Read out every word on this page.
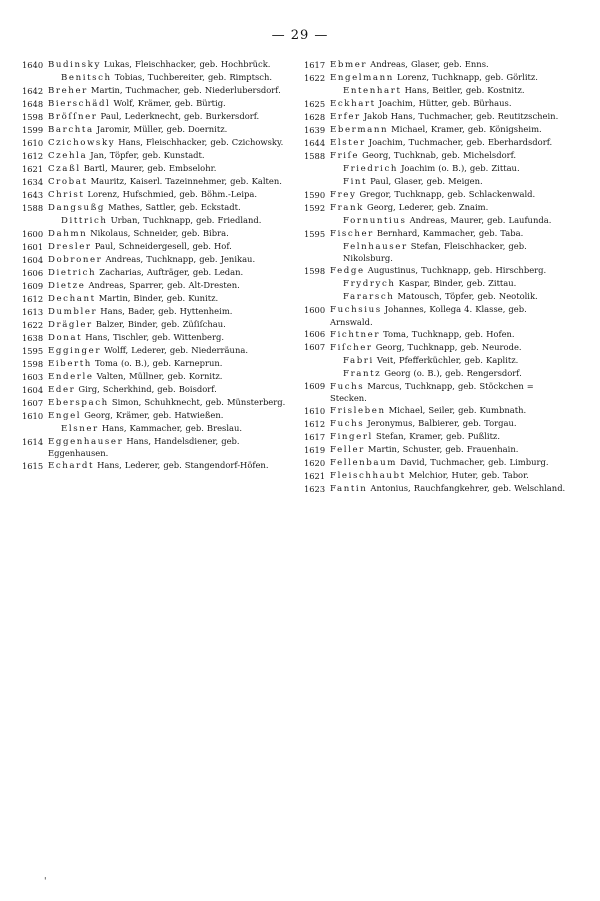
— 29 —
1640 Budinsky Lukas, Fleischhacker, geb. Hochbrück.
Benitsch Tobias, Tuchbereiter, geb. Rimptsch.
1642 Breher Martin, Tuchmacher, geb. Niederlubersdorf.
1648 Bierschädl Wolf, Krämer, geb. Bürtig.
1598 Bröſſner Paul, Lederknecht, geb. Burkersdorf.
1599 Barchta Jaromir, Müller, geb. Doernitz.
1610 Czichowsky Hans, Fleischhacker, geb. Czichowsky.
1612 Czehla Jan, Töpfer, geb. Kunstadt.
1621 Czaßl Bartl, Maurer, geb. Embselohr.
1634 Crobat Mauritz, Kaiserl. Tazeinnehmer, geb. Kalten.
1643 Christ Lorenz, Hufschmied, geb. Böhm.-Leipa.
1588 Dangsußg Mathes, Sattler, geb. Eckstadt.
Dittrich Urban, Tuchknapp, geb. Friedland.
1600 Dahmn Nikolaus, Schneider, geb. Bibra.
1601 Dresler Paul, Schneidergesell, geb. Hof.
1604 Dobroner Andreas, Tuchknapp, geb. Jenikau.
1606 Dietrich Zacharias, Aufträger, geb. Ledan.
1609 Dietze Andreas, Sparrer, geb. Alt-Dresten.
1612 Dechant Martin, Binder, geb. Kunitz.
1613 Dumbler Hans, Bader, geb. Hyttenheim.
1622 Drägler Balzer, Binder, geb. Züſiſchau.
1638 Donat Hans, Tischler, geb. Wittenberg.
1595 Egginger Wolff, Lederer, geb. Niederräuna.
1598 Eiberth Toma (o. B.), geb. Karneprun.
1603 Enderle Valten, Müllner, geb. Kornitz.
1604 Eder Girg, Scherkhind, geb. Boisdorf.
1607 Eberspach Simon, Schuhknecht, geb. Münsterberg.
1610 Engel Georg, Krämer, geb. Hatwießen.
Elsner Hans, Kammacher, geb. Breslau.
1614 Eggenhauser Hans, Handelsdiener, geb. Eggenhausen.
1615 Echardt Hans, Lederer, geb. Stangendorf-Höfen.
1617 Ebmer Andreas, Glaser, geb. Enns.
1622 Engelmann Lorenz, Tuchknapp, geb. Görlitz.
Entenhart Hans, Beitler, geb. Kostnitz.
1625 Eckhart Joachim, Hütter, geb. Bürhaus.
1628 Erfer Jakob Hans, Tuchmacher, geb. Reutitzschein.
1639 Ebermann Michael, Kramer, geb. Königsheim.
1644 Elster Joachim, Tuchmacher, geb. Eberhardsdorf.
1588 Friſe Georg, Tuchknab, geb. Michelsdorf.
Friedrich Joachim (o. B.), geb. Zittau.
Fint Paul, Glaser, geb. Meigen.
1590 Frey Gregor, Tuchknapp, geb. Schlackenwald.
1592 Frank Georg, Lederer, geb. Znaim.
Fornuntius Andreas, Maurer, geb. Laufunda.
1595 Fischer Bernhard, Kammacher, geb. Taba.
Felnhauser Stefan, Fleischhacker, geb. Nikolsburg.
1598 Fedge Augustinus, Tuchknapp, geb. Hirschberg.
Frydrych Kaspar, Binder, geb. Zittau.
Fararsch Matousch, Töpfer, geb. Neotolik.
1600 Fuchsius Johannes, Kollega 4. Klasse, geb. Arnswald.
1606 Fichtner Toma, Tuchknapp, geb. Hofen.
1607 Fiſcher Georg, Tuchknapp, geb. Neurode.
Fabri Veit, Pfefferküchler, geb. Kaplitz.
Frantz Georg (o. B.), geb. Rengersdorf.
1609 Fuchs Marcus, Tuchknapp, geb. Stöckchen = Stecken.
1610 Frisleben Michael, Seiler, geb. Kumbnath.
1612 Fuchs Jeronymus, Balbierer, geb. Torgau.
1617 Fingerl Stefan, Kramer, geb. Pußlitz.
1619 Feller Martin, Schuster, geb. Frauenhain.
1620 Fellenbaum David, Tuchmacher, geb. Limburg.
1621 Fleischhaubt Melchior, Huter, geb. Tabor.
1623 Fantin Antonius, Rauchfangkehrer, geb. Welschland.
'
